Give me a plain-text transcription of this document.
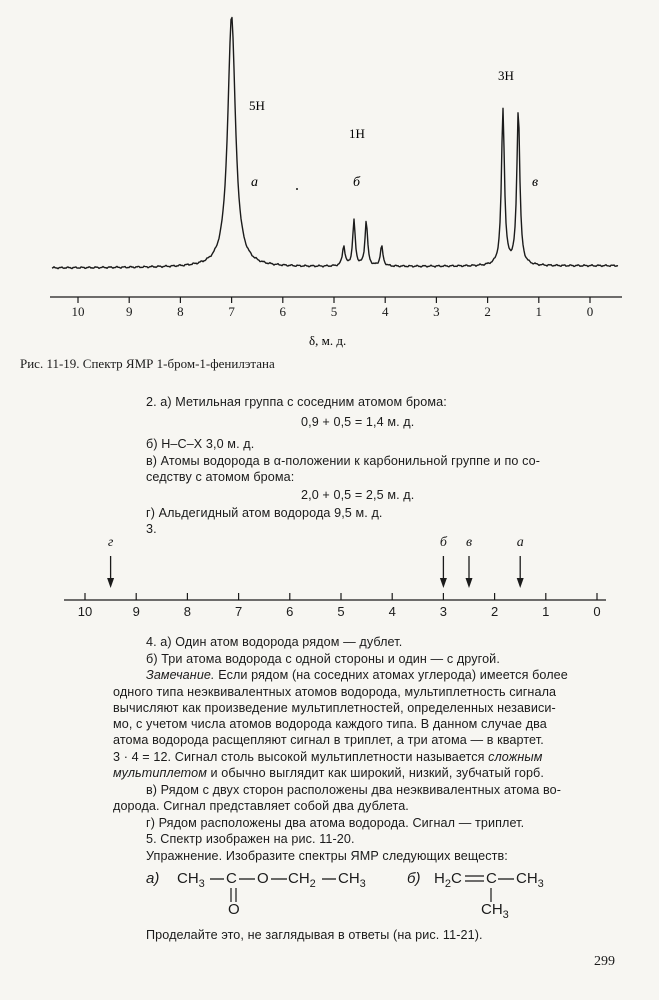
10	9	8	7	6	5	4	3	2	1	0
5H
a
1H
б
3H
в
δ, м. д.
Рис. 11-19. Спектр ЯМР 1-бром-1-фенилэтана
2. а) Метильная группа с соседним атомом брома:
0,9 + 0,5 = 1,4 м. д.
б) H–C–X 3,0 м. д.
в) Атомы водорода в α-положении к карбонильной группе и по со-
седству с атомом брома:
2,0 + 0,5 = 2,5 м. д.
г) Альдегидный атом водорода 9,5 м. д.
3.
10	9	8	7	6	5	4	3	2	1	0
г	б в	а
4. а) Один атом водорода рядом — дублет.
б) Три атома водорода с одной стороны и один — с другой.
Замечание. Если рядом (на соседних атомах углерода) имеется более
одного типа неэквивалентных атомов водорода, мультиплетность сигнала
вычисляют как произведение мультиплетностей, определенных независи-
мо, с учетом числа атомов водорода каждого типа. В данном случае два
атома водорода расщепляют сигнал в триплет, а три атома — в квартет.
3 · 4 = 12. Сигнал столь высокой мультиплетности называется сложным
мультиплетом и обычно выглядит как широкий, низкий, зубчатый горб.
в) Рядом с двух сторон расположены два неэквивалентных атома во-
дорода. Сигнал представляет собой два дублета.
г) Рядом расположены два атома водорода. Сигнал — триплет.
5. Спектр изображен на рис. 11-20.
Упражнение. Изобразите спектры ЯМР следующих веществ:
а) $CH_3$ C O $CH_2$ $CH_3$
O
б) $H_2C$ C $CH_3$
$CH_3$
Проделайте это, не заглядывая в ответы (на рис. 11-21).
299
